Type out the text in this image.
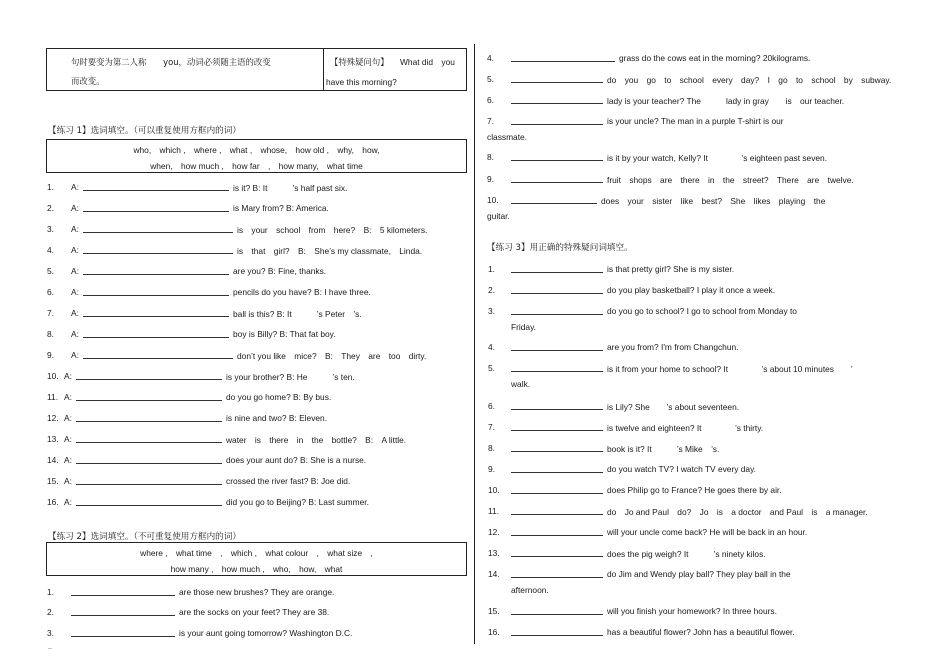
句时要变为第二人称　　you，动词必须随主语的改变
而改变。
【特殊疑问句】 What did　you
have this morning?
【练习 1】选词填空。（可以重复使用方框内的词）
who,　which ,　where ,　what ,　whose,　how old ,　why,　how,
when,　how much ,　how far　,　how many,　what time
1. A:	is it? B: It　　　’s half past six.
2. A:	is Mary from? B: America.
3. A:	is　your　school　from　here?　B:　5 kilometers.
4. A:	is　that　girl?　B:　She’s my classmate,　Linda.
5. A:	are you? B: Fine, thanks.
6. A:	pencils do you have? B: I have three.
7. A:	ball is this? B: It　　　’s Peter　’s.
8. A:	boy is Billy? B: That fat boy.
9. A:	don’t you like　mice?　B:　They　are　too　dirty.
10. A:	is your brother? B: He　　　’s ten.
11. A:	do you go home? B: By bus.
12. A:	is nine and two? B: Eleven.
13. A:	water　is　there　in　the　bottle?　B:　A little.
14. A:	does your aunt do? B: She is a nurse.
15. A:	crossed the river fast? B: Joe did.
16. A:	did you go to Beijing? B: Last summer.
【练习 2】选词填空。（不可重复使用方框内的词）
where ,　what time　,　which ,　what colour　,　what size　,
how many ,　how much ,　who,　how,　what
1.	are those new brushes? They are orange.
2.	are the socks on your feet? They are 38.
3.	is your aunt going tomorrow? Washington D.C.
..
4.	grass do the cows eat in the morning? 20kilograms.
5.	do　you　go　to　school　every　day?　I　go　to　school　by　subway.
6.	lady is your teacher? The　　　lady in gray　　is　our teacher.
7.	is your uncle? The man in a purple T-shirt is our
classmate.
8.	is it by your watch, Kelly? It　　　　’s eighteen past seven.
9.	fruit　shops　are　there　in　the　street?　There　are　twelve.
10.	does　your　sister　like　best?　She　likes　playing　the
guitar.
【练习 3】用正确的特殊疑问词填空。
1.	is that pretty girl? She is my sister.
2.	do you play basketball? I play it once a week.
3.	do you go to school? I go to school from Monday to
Friday.
4.	are you from? I'm from Changchun.
5.	is it from your home to school? It　　　　’s about 10 minutes　　’
walk.
6.	is Lily? She　　’s about seventeen.
7.	is twelve and eighteen? It　　　　’s thirty.
8.	book is it? It　　　’s Mike　’s.
9.	do you watch TV? I watch TV every day.
10.	does Philip go to France? He goes there by air.
11.	do　Jo and Paul　do?　Jo　is　a doctor　and Paul　is　a manager.
12.	will your uncle come back? He will be back in an hour.
13.	does the pig weigh? It　　　’s ninety kilos.
14.	do Jim and Wendy play ball? They play ball in the
afternoon.
15.	will you finish your homework? In three hours.
16.	has a beautiful flower? John has a beautiful flower.
